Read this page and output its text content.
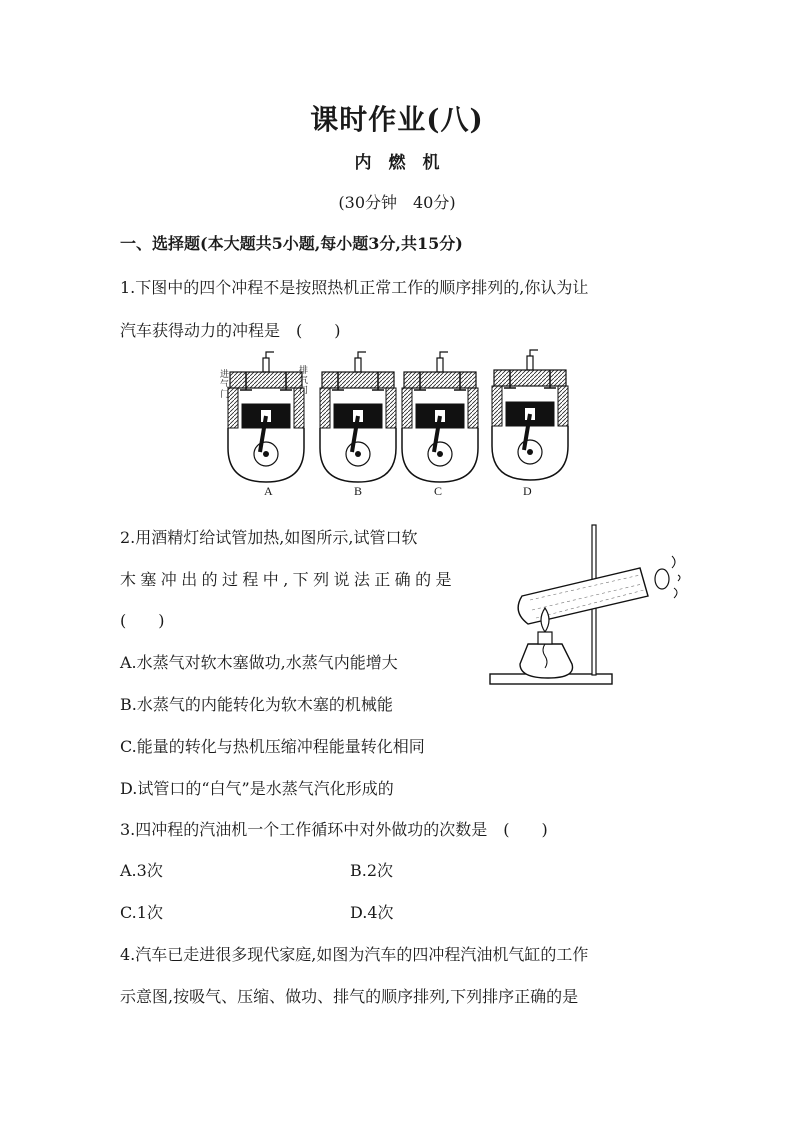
课时作业(八)
内　燃　机
(30分钟　40分)
一、选择题(本大题共5小题,每小题3分,共15分)
1.下图中的四个冲程不是按照热机正常工作的顺序排列的,你认为让
汽车获得动力的冲程是　(　　)
进气门
排气门
A	B	C	D
2.用酒精灯给试管加热,如图所示,试管口软
木塞冲出的过程中,下列说法正确的是
(　　)
A.水蒸气对软木塞做功,水蒸气内能增大
B.水蒸气的内能转化为软木塞的机械能
C.能量的转化与热机压缩冲程能量转化相同
D.试管口的“白气”是水蒸气汽化形成的
3.四冲程的汽油机一个工作循环中对外做功的次数是　(　　)
A.3次	B.2次
C.1次	D.4次
4.汽车已走进很多现代家庭,如图为汽车的四冲程汽油机气缸的工作
示意图,按吸气、压缩、做功、排气的顺序排列,下列排序正确的是
